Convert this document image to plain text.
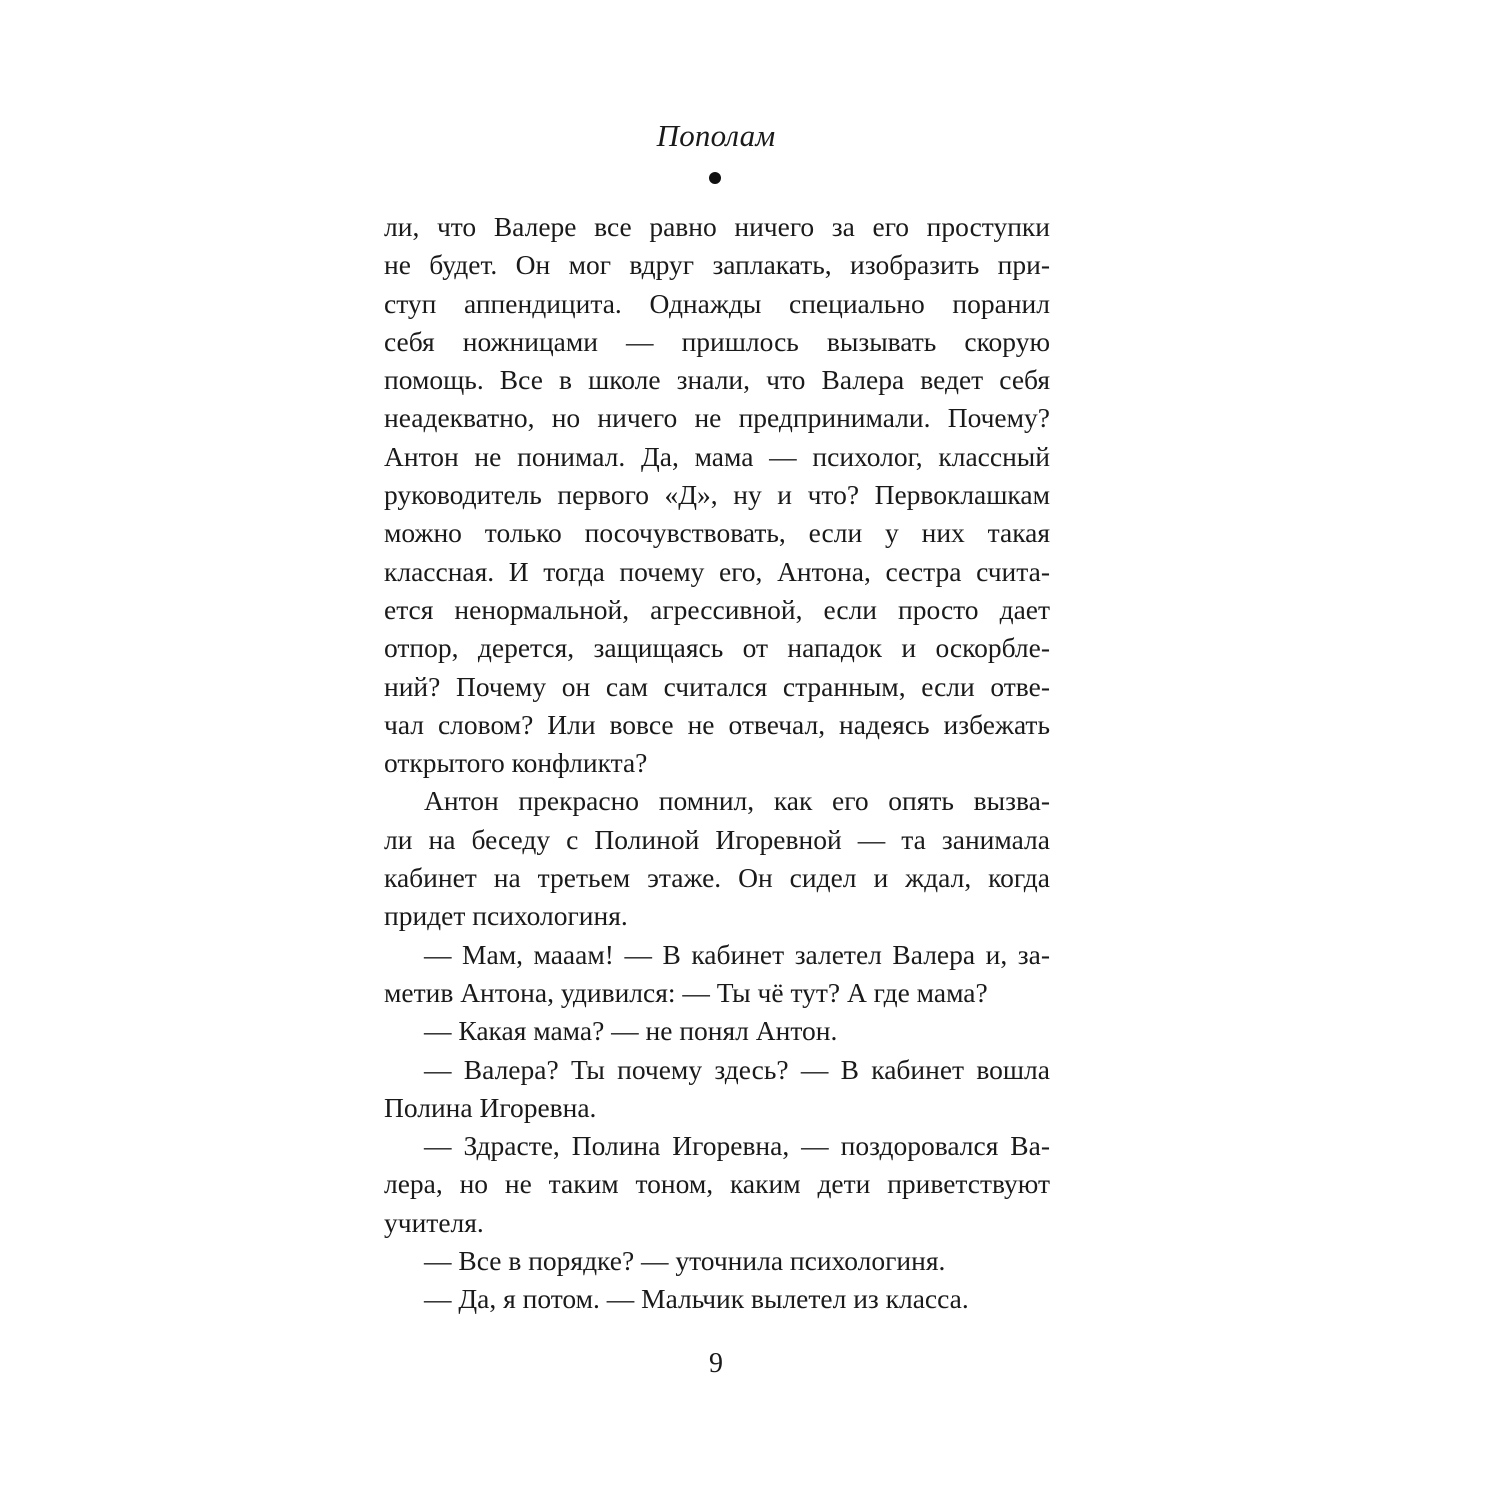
Пополам
ли, что Валере все равно ничего за его проступки
не будет. Он мог вдруг заплакать, изобразить при-
ступ аппендицита. Однажды специально поранил
себя ножницами — пришлось вызывать скорую
помощь. Все в школе знали, что Валера ведет себя
неадекватно, но ничего не предпринимали. Почему?
Антон не понимал. Да, мама — психолог, классный
руководитель первого «Д», ну и что? Первоклашкам
можно только посочувствовать, если у них такая
классная. И тогда почему его, Антона, сестра счита-
ется ненормальной, агрессивной, если просто дает
отпор, дерется, защищаясь от нападок и оскорбле-
ний? Почему он сам считался странным, если отве-
чал словом? Или вовсе не отвечал, надеясь избежать
открытого конфликта?
Антон прекрасно помнил, как его опять вызва-
ли на беседу с Полиной Игоревной — та занимала
кабинет на третьем этаже. Он сидел и ждал, когда
придет психологиня.
— Мам, мааам! — В кабинет залетел Валера и, за-
метив Антона, удивился: — Ты чё тут? А где мама?
— Какая мама? — не понял Антон.
— Валера? Ты почему здесь? — В кабинет вошла
Полина Игоревна.
— Здрасте, Полина Игоревна, — поздоровался Ва-
лера, но не таким тоном, каким дети приветствуют
учителя.
— Все в порядке? — уточнила психологиня.
— Да, я потом. — Мальчик вылетел из класса.
9
